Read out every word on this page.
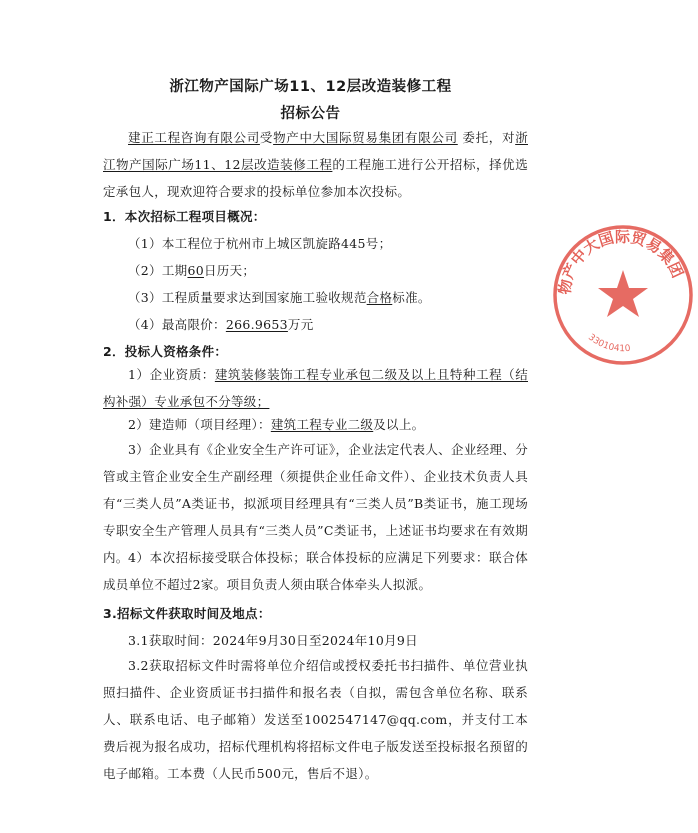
浙江物产国际广场11、12层改造装修工程
招标公告
建正工程咨询有限公司受物产中大国际贸易集团有限公司 委托，对浙江物产国际广场11、12层改造装修工程的工程施工进行公开招标，择优选定承包人，现欢迎符合要求的投标单位参加本次投标。
1．本次招标工程项目概况：
（1）本工程位于杭州市上城区凯旋路445号；
（2）工期60日历天；
（3）工程质量要求达到国家施工验收规范合格标准。
（4）最高限价：266.9653万元
2．投标人资格条件：
1）企业资质：建筑装修装饰工程专业承包二级及以上且特种工程（结构补强）专业承包不分等级；
2）建造师（项目经理）：建筑工程专业二级及以上。
3）企业具有《企业安全生产许可证》，企业法定代表人、企业经理、分管或主管企业安全生产副经理（须提供企业任命文件）、企业技术负责人具有“三类人员”A类证书，拟派项目经理具有“三类人员”B类证书，施工现场专职安全生产管理人员具有“三类人员”C类证书，上述证书均要求在有效期内。 4）本次招标接受联合体投标；联合体投标的应满足下列要求：联合体成员单位不超过2家。项目负责人须由联合体牵头人拟派。
3.招标文件获取时间及地点：
3.1获取时间：2024年9月30日至2024年10月9日
3.2获取招标文件时需将单位介绍信或授权委托书扫描件、单位营业执照扫描件、企业资质证书扫描件和报名表（自拟，需包含单位名称、联系人、联系电话、电子邮箱）发送至1002547147@qq.com，并支付工本费后视为报名成功，招标代理机构将招标文件电子版发送至投标报名预留的电子邮箱。工本费（人民币500元，售后不退）。
物产中大国际贸易集团
33010410
